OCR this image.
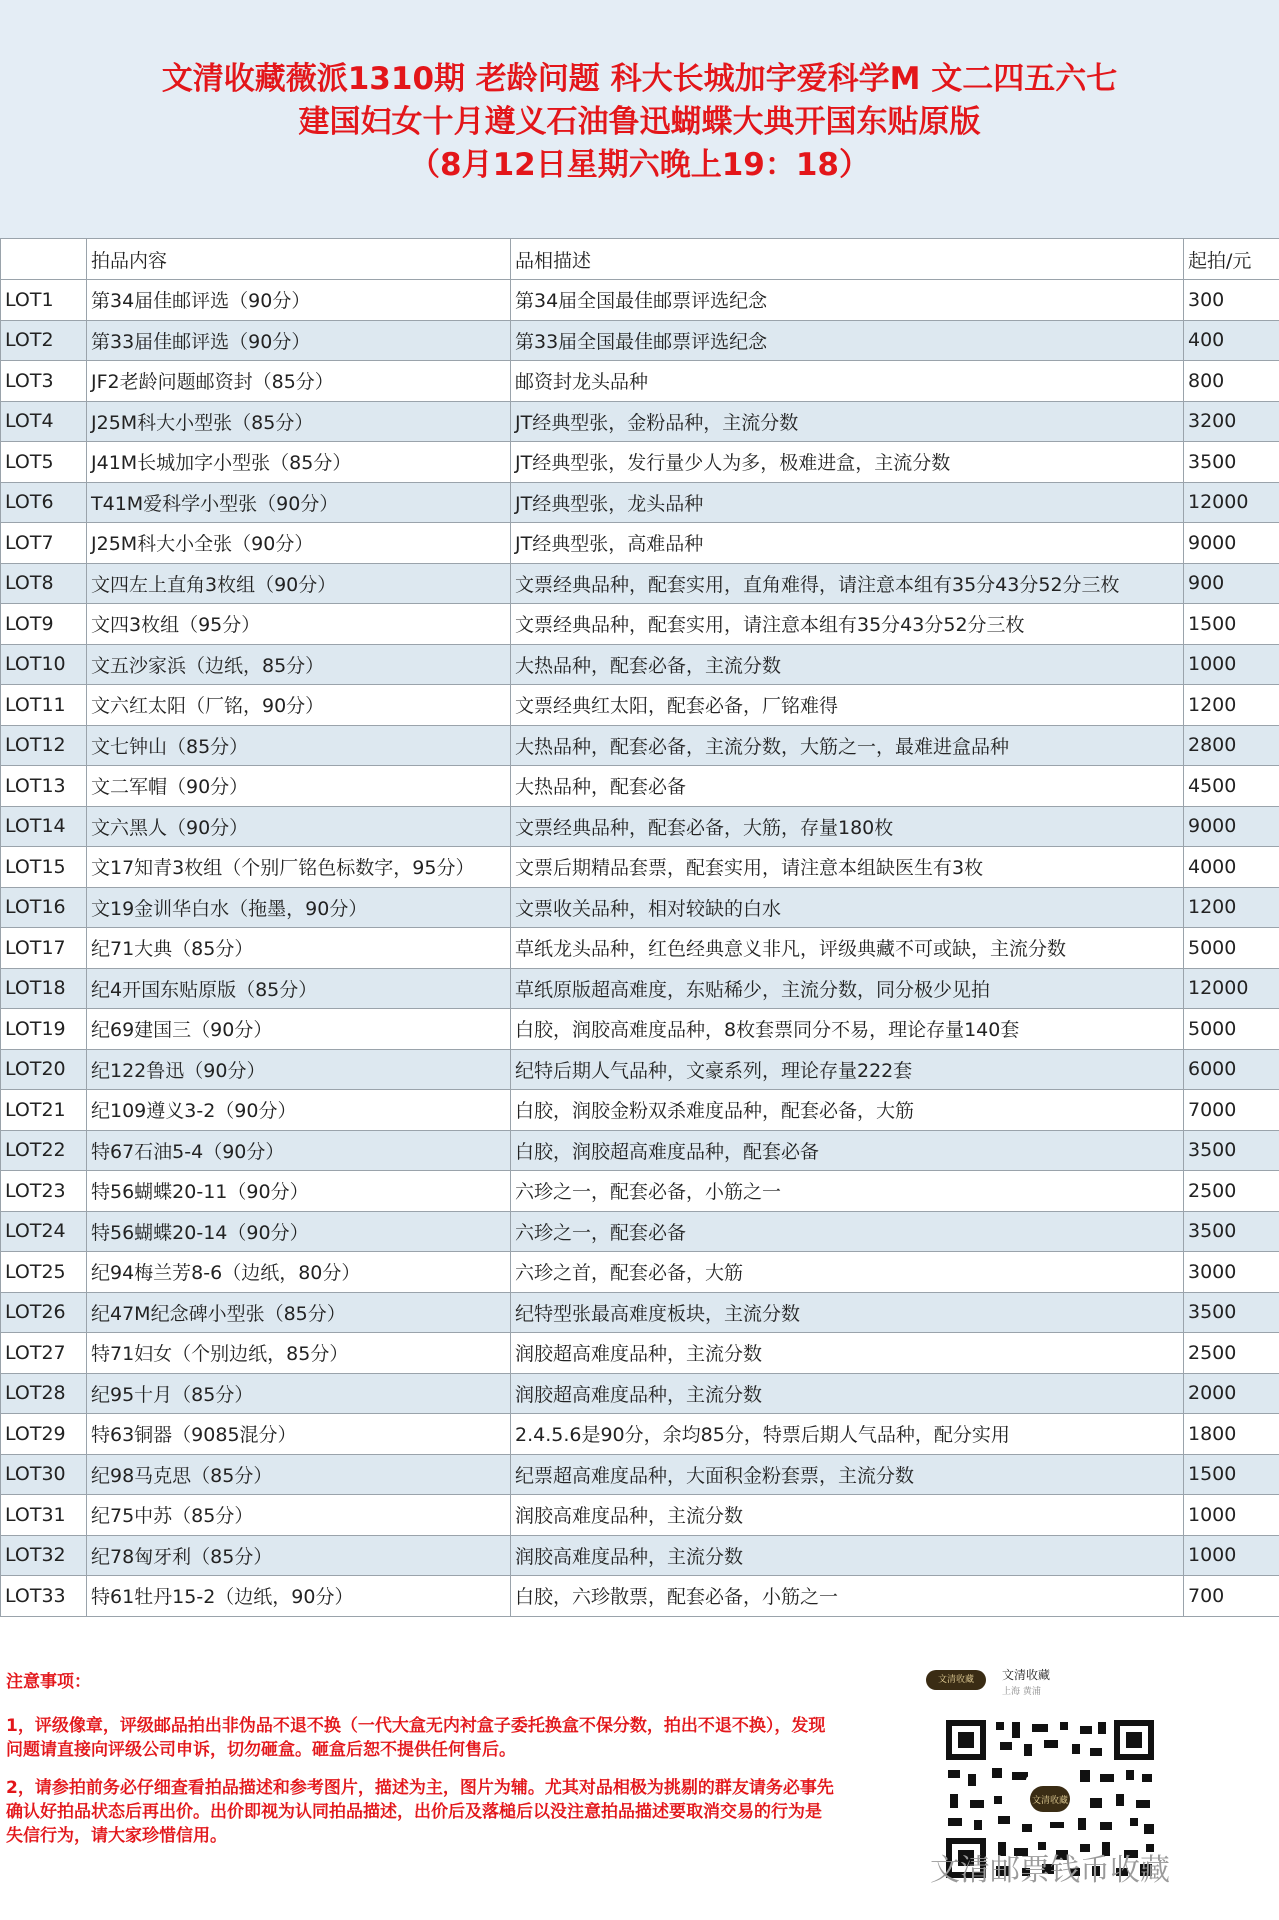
文清收藏薇派1310期 老龄问题 科大长城加字爱科学M 文二四五六七
建国妇女十月遵义石油鲁迅蝴蝶大典开国东贴原版
（8月12日星期六晚上19：18）
	拍品内容	品相描述	起拍/元
LOT1	第34届佳邮评选（90分）	第34届全国最佳邮票评选纪念	300
LOT2	第33届佳邮评选（90分）	第33届全国最佳邮票评选纪念	400
LOT3	JF2老龄问题邮资封（85分）	邮资封龙头品种	800
LOT4	J25M科大小型张（85分）	JT经典型张，金粉品种，主流分数	3200
LOT5	J41M长城加字小型张（85分）	JT经典型张，发行量少人为多，极难进盒，主流分数	3500
LOT6	T41M爱科学小型张（90分）	JT经典型张，龙头品种	12000
LOT7	J25M科大小全张（90分）	JT经典型张，高难品种	9000
LOT8	文四左上直角3枚组（90分）	文票经典品种，配套实用，直角难得，请注意本组有35分43分52分三枚	900
LOT9	文四3枚组（95分）	文票经典品种，配套实用，请注意本组有35分43分52分三枚	1500
LOT10	文五沙家浜（边纸，85分）	大热品种，配套必备，主流分数	1000
LOT11	文六红太阳（厂铭，90分）	文票经典红太阳，配套必备，厂铭难得	1200
LOT12	文七钟山（85分）	大热品种，配套必备，主流分数，大筋之一，最难进盒品种	2800
LOT13	文二军帽（90分）	大热品种，配套必备	4500
LOT14	文六黑人（90分）	文票经典品种，配套必备，大筋，存量180枚	9000
LOT15	文17知青3枚组（个别厂铭色标数字，95分）	文票后期精品套票，配套实用，请注意本组缺医生有3枚	4000
LOT16	文19金训华白水（拖墨，90分）	文票收关品种，相对较缺的白水	1200
LOT17	纪71大典（85分）	草纸龙头品种，红色经典意义非凡，评级典藏不可或缺，主流分数	5000
LOT18	纪4开国东贴原版（85分）	草纸原版超高难度，东贴稀少，主流分数，同分极少见拍	12000
LOT19	纪69建国三（90分）	白胶，润胶高难度品种，8枚套票同分不易，理论存量140套	5000
LOT20	纪122鲁迅（90分）	纪特后期人气品种，文豪系列，理论存量222套	6000
LOT21	纪109遵义3-2（90分）	白胶，润胶金粉双杀难度品种，配套必备，大筋	7000
LOT22	特67石油5-4（90分）	白胶，润胶超高难度品种，配套必备	3500
LOT23	特56蝴蝶20-11（90分）	六珍之一，配套必备，小筋之一	2500
LOT24	特56蝴蝶20-14（90分）	六珍之一，配套必备	3500
LOT25	纪94梅兰芳8-6（边纸，80分）	六珍之首，配套必备，大筋	3000
LOT26	纪47M纪念碑小型张（85分）	纪特型张最高难度板块，主流分数	3500
LOT27	特71妇女（个别边纸，85分）	润胶超高难度品种，主流分数	2500
LOT28	纪95十月（85分）	润胶超高难度品种，主流分数	2000
LOT29	特63铜器（9085混分）	2.4.5.6是90分，余均85分，特票后期人气品种，配分实用	1800
LOT30	纪98马克思（85分）	纪票超高难度品种，大面积金粉套票，主流分数	1500
LOT31	纪75中苏（85分）	润胶高难度品种，主流分数	1000
LOT32	纪78匈牙利（85分）	润胶高难度品种，主流分数	1000
LOT33	特61牡丹15-2（边纸，90分）	白胶，六珍散票，配套必备，小筋之一	700
注意事项：

1，评级像章，评级邮品拍出非伪品不退不换（一代大盒无内衬盒子委托换盒不保分数，拍出不退不换），发现问题请直接向评级公司申诉，切勿砸盒。砸盒后恕不提供任何售后。

2，请参拍前务必仔细查看拍品描述和参考图片，描述为主，图片为辅。尤其对品相极为挑剔的群友请务必事先确认好拍品状态后再出价。出价即视为认同拍品描述，出价后及落槌后以没注意拍品描述要取消交易的行为是失信行为，请大家珍惜信用。

文清收藏	文清收藏
上海 黄浦
文清收藏
文清邮票钱币收藏
